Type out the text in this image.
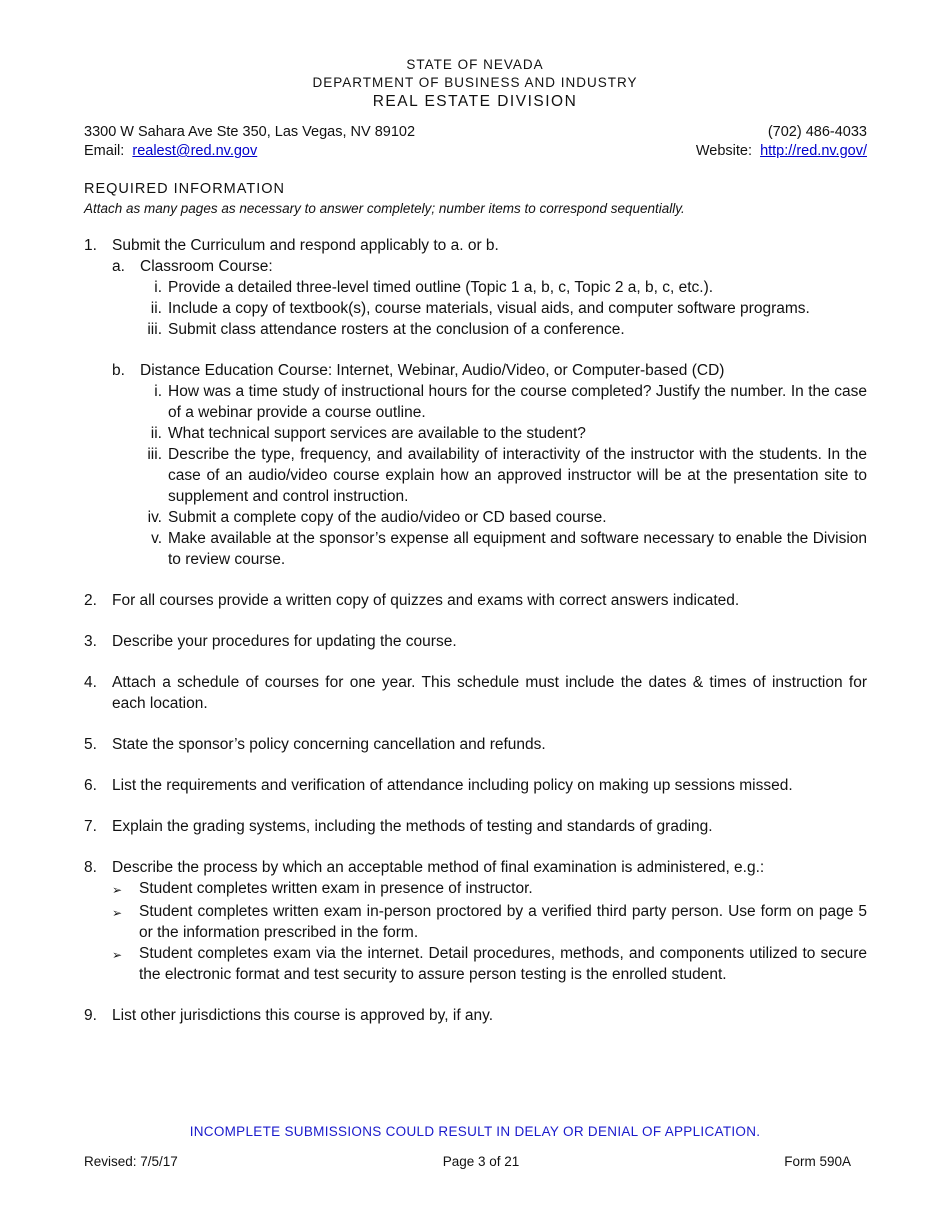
STATE OF NEVADA
DEPARTMENT OF BUSINESS AND INDUSTRY
REAL ESTATE DIVISION
3300 W Sahara Ave Ste 350, Las Vegas, NV 89102	(702) 486-4033
Email: realest@red.nv.gov	Website: http://red.nv.gov/
REQUIRED INFORMATION
Attach as many pages as necessary to answer completely; number items to correspond sequentially.
1. Submit the Curriculum and respond applicably to a. or b.
a. Classroom Course:
i. Provide a detailed three-level timed outline (Topic 1 a, b, c, Topic 2 a, b, c, etc.).
ii. Include a copy of textbook(s), course materials, visual aids, and computer software programs.
iii. Submit class attendance rosters at the conclusion of a conference.
b. Distance Education Course: Internet, Webinar, Audio/Video, or Computer-based (CD)
i. How was a time study of instructional hours for the course completed? Justify the number. In the case of a webinar provide a course outline.
ii. What technical support services are available to the student?
iii. Describe the type, frequency, and availability of interactivity of the instructor with the students. In the case of an audio/video course explain how an approved instructor will be at the presentation site to supplement and control instruction.
iv. Submit a complete copy of the audio/video or CD based course.
v. Make available at the sponsor’s expense all equipment and software necessary to enable the Division to review course.
2. For all courses provide a written copy of quizzes and exams with correct answers indicated.
3. Describe your procedures for updating the course.
4. Attach a schedule of courses for one year. This schedule must include the dates & times of instruction for each location.
5. State the sponsor’s policy concerning cancellation and refunds.
6. List the requirements and verification of attendance including policy on making up sessions missed.
7. Explain the grading systems, including the methods of testing and standards of grading.
8. Describe the process by which an acceptable method of final examination is administered, e.g.:
➢	Student completes written exam in presence of instructor.
➢	Student completes written exam in-person proctored by a verified third party person. Use form on page 5 or the information prescribed in the form.
➢	Student completes exam via the internet. Detail procedures, methods, and components utilized to secure the electronic format and test security to assure person testing is the enrolled student.
9. List other jurisdictions this course is approved by, if any.
INCOMPLETE SUBMISSIONS COULD RESULT IN DELAY OR DENIAL OF APPLICATION.
Revised: 7/5/17	Page 3 of 21	Form 590A
